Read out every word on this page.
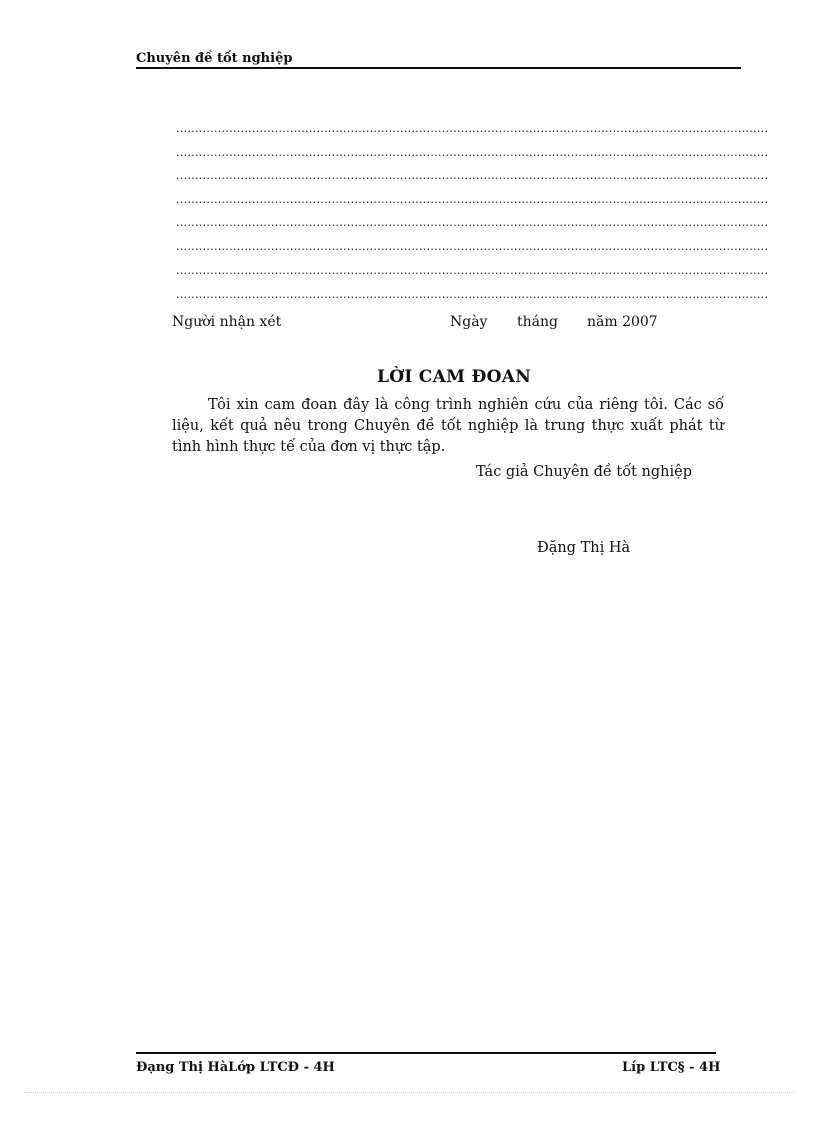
Chuyên đề tốt nghiệp
............................................................................................................................................................
............................................................................................................................................................
............................................................................................................................................................
............................................................................................................................................................
............................................................................................................................................................
............................................................................................................................................................
............................................................................................................................................................
............................................................................................................................................................
Người nhận xét	Ngày tháng năm 2007
LỜI CAM ĐOAN

Tôi xin cam đoan đây là công trình nghiên cứu của riêng tôi. Các số liệu, kết quả nêu trong Chuyên đề tốt nghiệp là trung thực xuất phát từ tình hình thực tế của đơn vị thực tập.

Tác giả Chuyên đề tốt nghiệp
Đặng Thị Hà
Đạng Thị HàLớp LTCĐ - 4H	Líp LTC§ - 4H
